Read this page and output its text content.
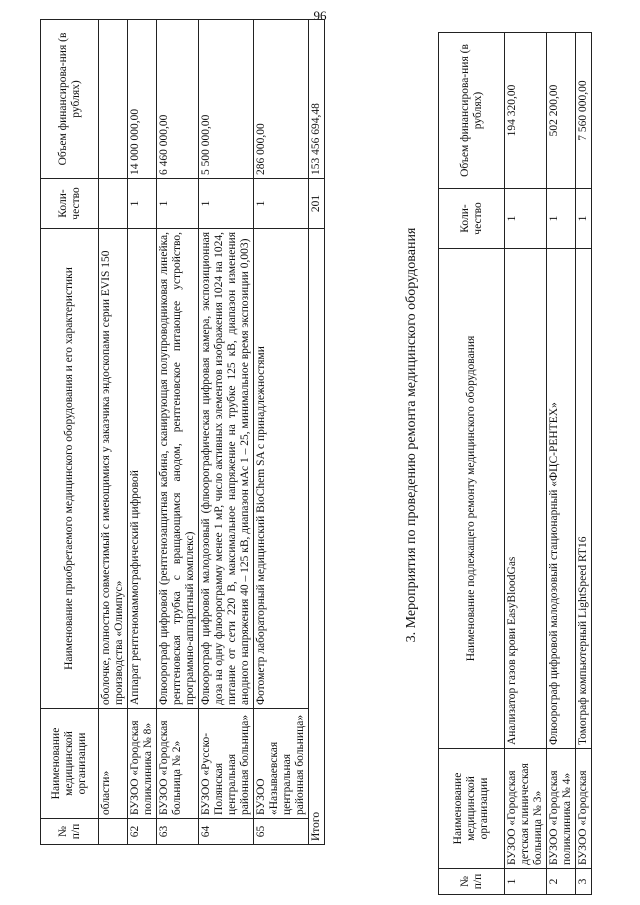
96
№ п/п	Наименование медицинской организации	Наименование приобретаемого медицинского оборудования и его характеристики	Коли-чество	Объем финансирова-ния (в рублях)
	области»	оболочке, полностью совместимый с имеющимися у заказчика эндоскопами серии EVIS 150 производства «Олимпус»		
62	БУЗОО «Городская поликлиника № 8»	Аппарат рентгеномаммографический цифровой	1	14 000 000,00
63	БУЗОО «Городская больница № 2»	Флюорограф цифровой (рентгенозащитная кабина, сканирующая полупроводниковая линейка, рентгеновская трубка с вращающимся анодом, рентгеновское питающее устройство, программно-аппаратный комплекс)	1	6 460 000,00
64	БУЗОО «Русско-Полянская центральная районная больница»	Флюорограф цифровой малодозовый (флюорографическая цифровая камера, экспозиционная доза на одну флюорограмму менее 1 мР, число активных элементов изображения 1024 на 1024, питание от сети 220 В, максимальное напряжение на трубке 125 кВ, диапазон изменения анодного напряжения 40 – 125 кВ, диапазон мАс 1 – 25, минимальное время экспозиции 0,003)	1	5 500 000,00
65	БУЗОО «Называевская центральная районная больница»	Фотометр лабораторный медицинский BioChem SA с принадлежностями	1	286 000,00
Итого			201	153 456 694,48
3. Мероприятия по проведению ремонта медицинского оборудования
№ п/п	Наименование медицинской организации	Наименование подлежащего ремонту медицинского оборудования	Коли-чество	Объем финансирова-ния (в рублях)
1	БУЗОО «Городская детская клиническая больница № 3»	Анализатор газов крови EasyBloodGas	1	194 320,00
2	БУЗОО «Городская поликлиника № 4»	Флюорограф цифровой малодозовый стационарный «ФЦС-РЕНТЕХ»	1	502 200,00
3	БУЗОО «Городская	Томограф компьютерный LightSpeed RT16	1	7 560 000,00
